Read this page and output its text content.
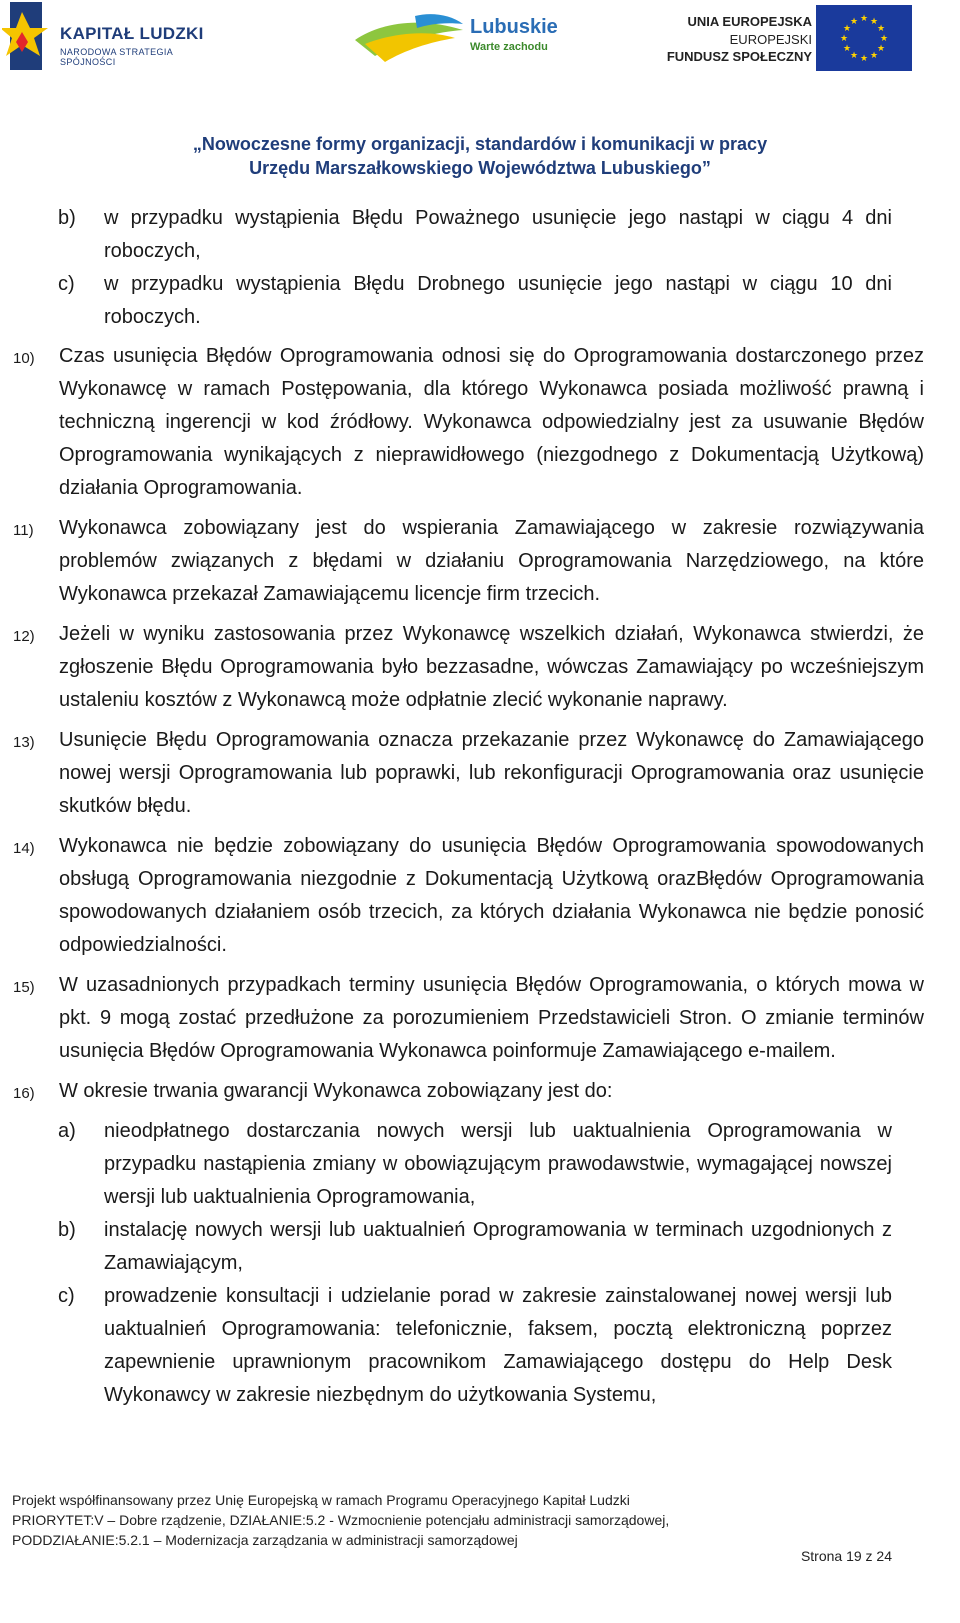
KAPITAŁ LUDZKI
NARODOWA STRATEGIA SPÓJNOŚCI
Lubuskie
Warte zachodu
UNIA EUROPEJSKA
EUROPEJSKI
FUNDUSZ SPOŁECZNY
★ ★
★
★
★
★
★
★
★
★
★
★
„Nowoczesne formy organizacji, standardów i komunikacji w pracy
Urzędu Marszałkowskiego Województwa Lubuskiego”
b) w przypadku wystąpienia Błędu Poważnego usunięcie jego nastąpi w ciągu 4 dni roboczych,
c) w przypadku wystąpienia Błędu Drobnego usunięcie jego nastąpi w ciągu 10 dni roboczych.
10) Czas usunięcia Błędów Oprogramowania odnosi się do Oprogramowania dostarczonego przez Wykonawcę w ramach Postępowania, dla którego Wykonawca posiada możliwość prawną i techniczną ingerencji w kod źródłowy. Wykonawca odpowiedzialny jest za usuwanie Błędów Oprogramowania wynikających z nieprawidłowego (niezgodnego z Dokumentacją Użytkową) działania Oprogramowania.
11) Wykonawca zobowiązany jest do wspierania Zamawiającego w zakresie rozwiązywania problemów związanych z błędami w działaniu Oprogramowania Narzędziowego, na które Wykonawca przekazał Zamawiającemu licencje firm trzecich.
12) Jeżeli w wyniku zastosowania przez Wykonawcę wszelkich działań, Wykonawca stwierdzi, że zgłoszenie Błędu Oprogramowania było bezzasadne, wówczas Zamawiający po wcześniejszym ustaleniu kosztów z Wykonawcą może odpłatnie zlecić wykonanie naprawy.
13) Usunięcie Błędu Oprogramowania oznacza przekazanie przez Wykonawcę do Zamawiającego nowej wersji Oprogramowania lub poprawki, lub rekonfiguracji Oprogramowania oraz usunięcie skutków błędu.
14) Wykonawca nie będzie zobowiązany do usunięcia Błędów Oprogramowania spowodowanych obsługą Oprogramowania niezgodnie z Dokumentacją Użytkową orazBłędów Oprogramowania spowodowanych działaniem osób trzecich, za których działania Wykonawca nie będzie ponosić odpowiedzialności.
15) W uzasadnionych przypadkach terminy usunięcia Błędów Oprogramowania, o których mowa w pkt. 9 mogą zostać przedłużone za porozumieniem Przedstawicieli Stron. O zmianie terminów usunięcia Błędów Oprogramowania Wykonawca poinformuje Zamawiającego e-mailem.
16) W okresie trwania gwarancji Wykonawca zobowiązany jest do:
a) nieodpłatnego dostarczania nowych wersji lub uaktualnienia Oprogramowania w przypadku nastąpienia zmiany w obowiązującym prawodawstwie, wymagającej nowszej wersji lub uaktualnienia Oprogramowania,
b) instalację nowych wersji lub uaktualnień Oprogramowania w terminach uzgodnionych z Zamawiającym,
c) prowadzenie konsultacji i udzielanie porad w zakresie zainstalowanej nowej wersji lub uaktualnień Oprogramowania: telefonicznie, faksem, pocztą elektroniczną poprzez zapewnienie uprawnionym pracownikom Zamawiającego dostępu do Help Desk Wykonawcy w zakresie niezbędnym do użytkowania Systemu,
Projekt współfinansowany przez Unię Europejską w ramach Programu Operacyjnego Kapitał Ludzki
PRIORYTET:V – Dobre rządzenie, DZIAŁANIE:5.2 - Wzmocnienie potencjału administracji samorządowej,
PODDZIAŁANIE:5.2.1 – Modernizacja zarządzania w administracji samorządowej
Strona 19 z 24
